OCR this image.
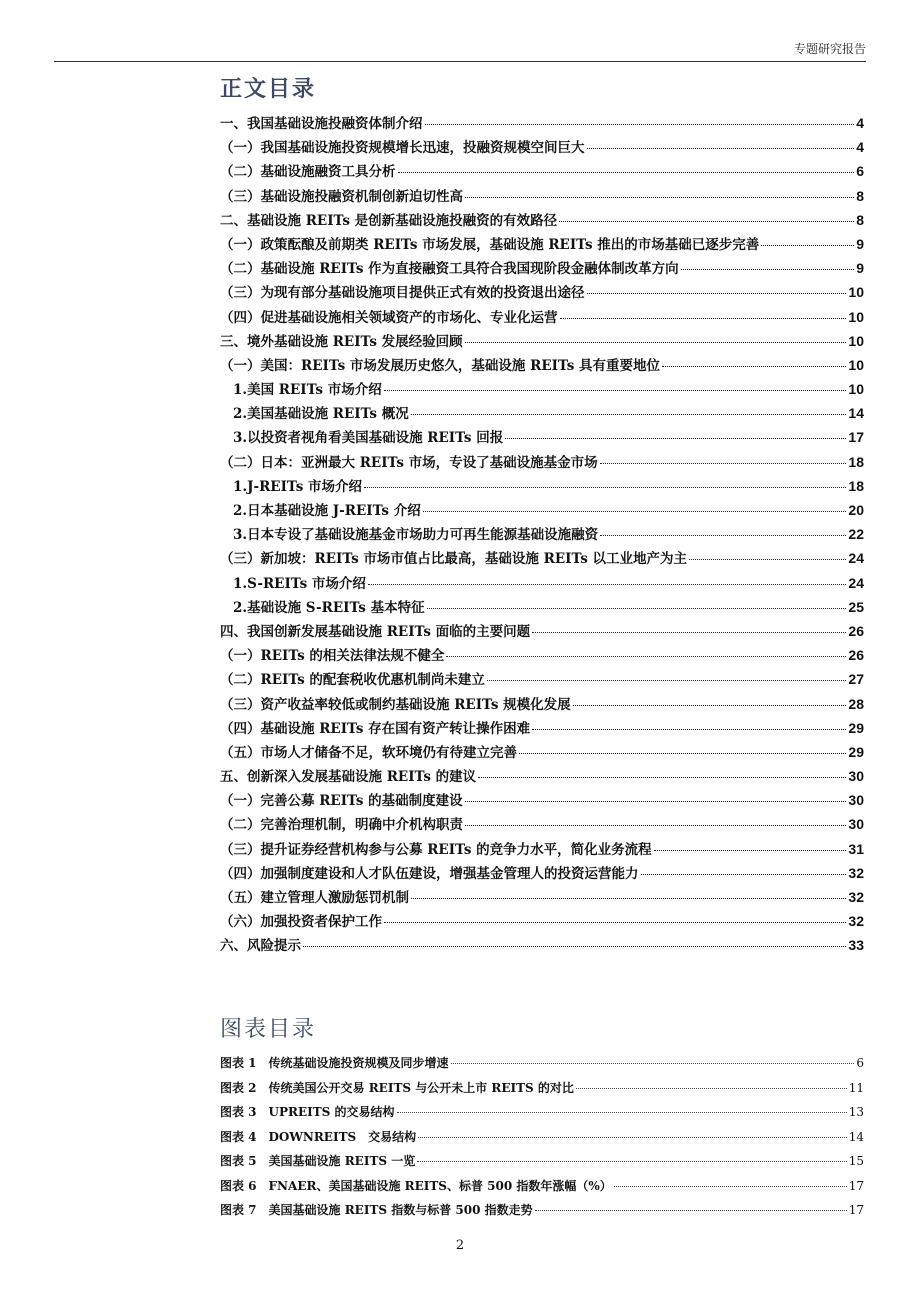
专题研究报告
正文目录
一、我国基础设施投融资体制介绍	4
（一）我国基础设施投资规模增长迅速，投融资规模空间巨大	4
（二）基础设施融资工具分析	6
（三）基础设施投融资机制创新迫切性高	8
二、基础设施 REITs 是创新基础设施投融资的有效路径	8
（一）政策酝酿及前期类 REITs 市场发展，基础设施 REITs 推出的市场基础已逐步完善	9
（二）基础设施 REITs 作为直接融资工具符合我国现阶段金融体制改革方向	9
（三）为现有部分基础设施项目提供正式有效的投资退出途径	10
（四）促进基础设施相关领域资产的市场化、专业化运营	10
三、境外基础设施 REITs 发展经验回顾	10
（一）美国：REITs 市场发展历史悠久，基础设施 REITs 具有重要地位	10
1.美国 REITs 市场介绍	10
2.美国基础设施 REITs 概况	14
3.以投资者视角看美国基础设施 REITs 回报	17
（二）日本：亚洲最大 REITs 市场，专设了基础设施基金市场	18
1.J-REITs 市场介绍	18
2.日本基础设施 J-REITs 介绍	20
3.日本专设了基础设施基金市场助力可再生能源基础设施融资	22
（三）新加坡：REITs 市场市值占比最高，基础设施 REITs 以工业地产为主	24
1.S-REITs 市场介绍	24
2.基础设施 S-REITs 基本特征	25
四、我国创新发展基础设施 REITs 面临的主要问题	26
（一）REITs 的相关法律法规不健全	26
（二）REITs 的配套税收优惠机制尚未建立	27
（三）资产收益率较低或制约基础设施 REITs 规模化发展	28
（四）基础设施 REITs 存在国有资产转让操作困难	29
（五）市场人才储备不足，软环境仍有待建立完善	29
五、创新深入发展基础设施 REITs 的建议	30
（一）完善公募 REITs 的基础制度建设	30
（二）完善治理机制，明确中介机构职责	30
（三）提升证券经营机构参与公募 REITs 的竞争力水平，简化业务流程	31
（四）加强制度建设和人才队伍建设，增强基金管理人的投资运营能力	32
（五）建立管理人激励惩罚机制	32
（六）加强投资者保护工作	32
六、风险提示	33
图表目录
图表 1　传统基础设施投资规模及同步增速	6
图表 2　传统美国公开交易 REITS 与公开未上市 REITS 的对比	11
图表 3　UPREITS 的交易结构	13
图表 4　DOWNREITS　交易结构	14
图表 5　美国基础设施 REITS 一览	15
图表 6　FNAER、美国基础设施 REITS、标普 500 指数年涨幅（%）	17
图表 7　美国基础设施 REITS 指数与标普 500 指数走势	17
2
